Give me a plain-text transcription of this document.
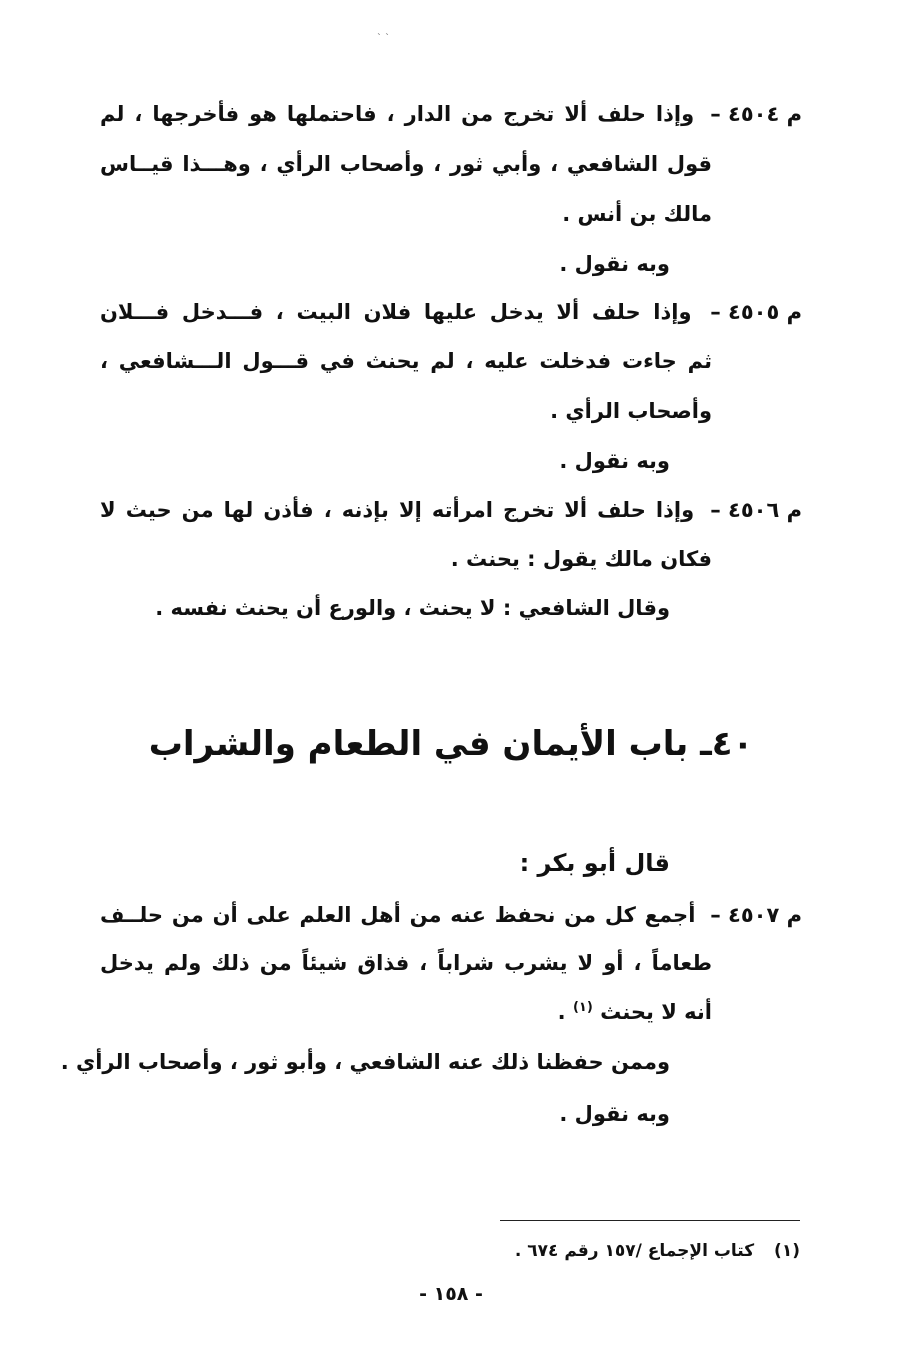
` `
م ٤٥٠٤ – وإذا حلف ألا تخرج من الدار ، فاحتملها هو فأخرجها ، لم
قول الشافعي ، وأبي ثور ، وأصحاب الرأي ، وهـــذا قيــاس
مالك بن أنس .
وبه نقول .
م ٤٥٠٥ – وإذا حلف ألا يدخل عليها فلان البيت ، فـــدخل فـــلان
ثم جاءت فدخلت عليه ، لم يحنث في قـــول الـــشافعي ،
وأصحاب الرأي .
وبه نقول .
م ٤٥٠٦ – وإذا حلف ألا تخرج امرأته إلا بإذنه ، فأذن لها من حيث لا
فكان مالك يقول : يحنث .
وقال الشافعي : لا يحنث ، والورع أن يحنث نفسه .
٤٠ـ باب الأيمان في الطعام والشراب
قال أبو بكر :
م ٤٥٠٧ – أجمع كل من نحفظ عنه من أهل العلم على أن من حلــف
طعاماً ، أو لا يشرب شراباً ، فذاق شيئاً من ذلك ولم يدخل
أنه لا يحنث $^{(١)}$ .
وممن حفظنا ذلك عنه الشافعي ، وأبو ثور ، وأصحاب الرأي .
وبه نقول .
(١) كتاب الإجماع /١٥٧ رقم ٦٧٤ .
- ١٥٨ -
